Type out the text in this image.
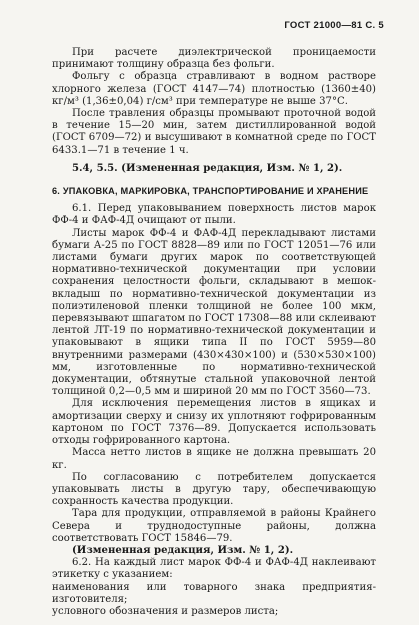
ГОСТ 21000—81 С. 5

При расчете диэлектрической проницаемости принимают толщину образца без фольги.

Фольгу с образца стравливают в водном растворе хлорного железа (ГОСТ 4147—74) плотностью (1360±40) кг/м³ (1,36±0,04) г/см³ при температуре не выше 37°С.

После травления образцы промывают проточной водой в течение 15—20 мин, затем дистиллированной водой (ГОСТ 6709—72) и высушивают в комнатной среде по ГОСТ 6433.1—71 в течение 1 ч.

5.4, 5.5. (Измененная редакция, Изм. № 1, 2).

6. УПАКОВКА, МАРКИРОВКА, ТРАНСПОРТИРОВАНИЕ И ХРАНЕНИЕ

6.1. Перед упаковыванием поверхность листов марок ФФ-4 и ФАФ-4Д очищают от пыли.

Листы марок ФФ-4 и ФАФ-4Д перекладывают листами бумаги А-25 по ГОСТ 8828—89 или по ГОСТ 12051—76 или листами бумаги других марок по соответствующей нормативно-технической документации при условии сохранения целостности фольги, складывают в мешок-вкладыш по нормативно-технической документации из полиэтиленовой пленки толщиной не более 100 мкм, перевязывают шпагатом по ГОСТ 17308—88 или склеивают лентой ЛТ-19 по нормативно-технической документации и упаковывают в ящики типа II по ГОСТ 5959—80 внутренними размерами (430×430×100) и (530×530×100) мм, изготовленные по нормативно-технической документации, обтянутые стальной упаковочной лентой толщиной 0,2—0,5 мм и шириной 20 мм по ГОСТ 3560—73.

Для исключения перемещения листов в ящиках и амортизации сверху и снизу их уплотняют гофрированным картоном по ГОСТ 7376—89. Допускается использовать отходы гофрированного картона.

Масса нетто листов в ящике не должна превышать 20 кг.

По согласованию с потребителем допускается упаковывать листы в другую тару, обеспечивающую сохранность качества продукции.

Тара для продукции, отправляемой в районы Крайнего Севера и труднодоступные районы, должна соответствовать ГОСТ 15846—79.

(Измененная редакция, Изм. № 1, 2).

6.2. На каждый лист марок ФФ-4 и ФАФ-4Д наклеивают этикетку с указанием:

наименования или товарного знака предприятия-изготовителя;

условного обозначения и размеров листа;
